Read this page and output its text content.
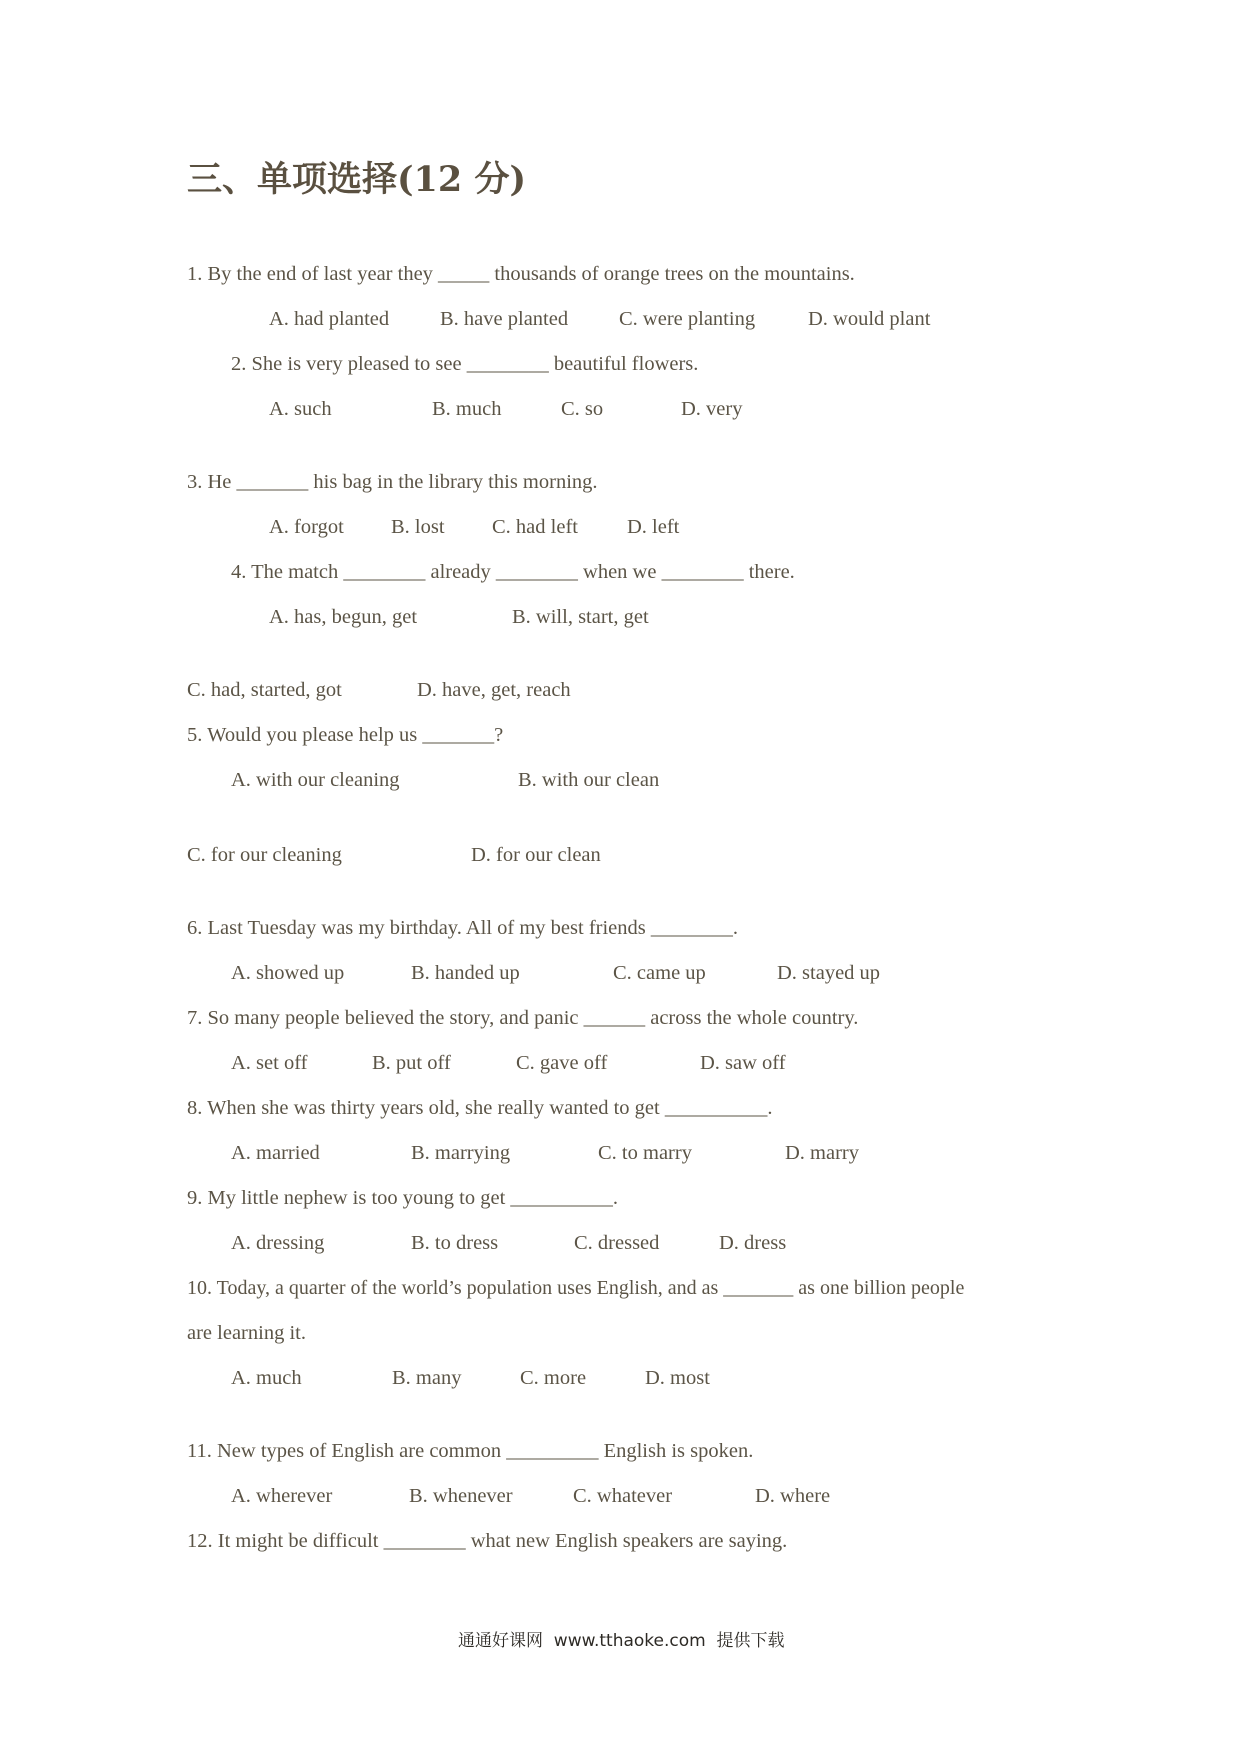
三、单项选择(12 分)
1. By the end of last year they _____ thousands of orange trees on the mountains.
A. had planted B. have planted C. were planting	D. would plant
2. She is very pleased to see ________ beautiful flowers.
A. such	B. much	C. so	D. very
3. He _______ his bag in the library this morning.
A. forgot B. lost C. had left D. left
4. The match ________ already ________ when we ________ there.
A. has, begun, get	B. will, start, get
C. had, started, got	D. have, get, reach
5. Would you please help us _______?
A. with our cleaning	B. with our clean
C. for our cleaning	D. for our clean
6. Last Tuesday was my birthday. All of my best friends ________.
A. showed up	B. handed up	C. came up	D. stayed up
7. So many people believed the story, and panic ______ across the whole country.
A. set off	B. put off	C. gave off	D. saw off
8. When she was thirty years old, she really wanted to get __________.
A. married	B. marrying	C. to marry	D. marry
9. My little nephew is too young to get __________.
A. dressing	B. to dress	C. dressed	D. dress
10. Today, a quarter of the world’s population uses English, and as _______ as one billion people
are learning it.
A. much	B. many	C. more	D. most
11. New types of English are common _________ English is spoken.
A. wherever	B. whenever	C. whatever	D. where
12. It might be difficult ________ what new English speakers are saying.
通通好课网  www.tthaoke.com  提供下载
